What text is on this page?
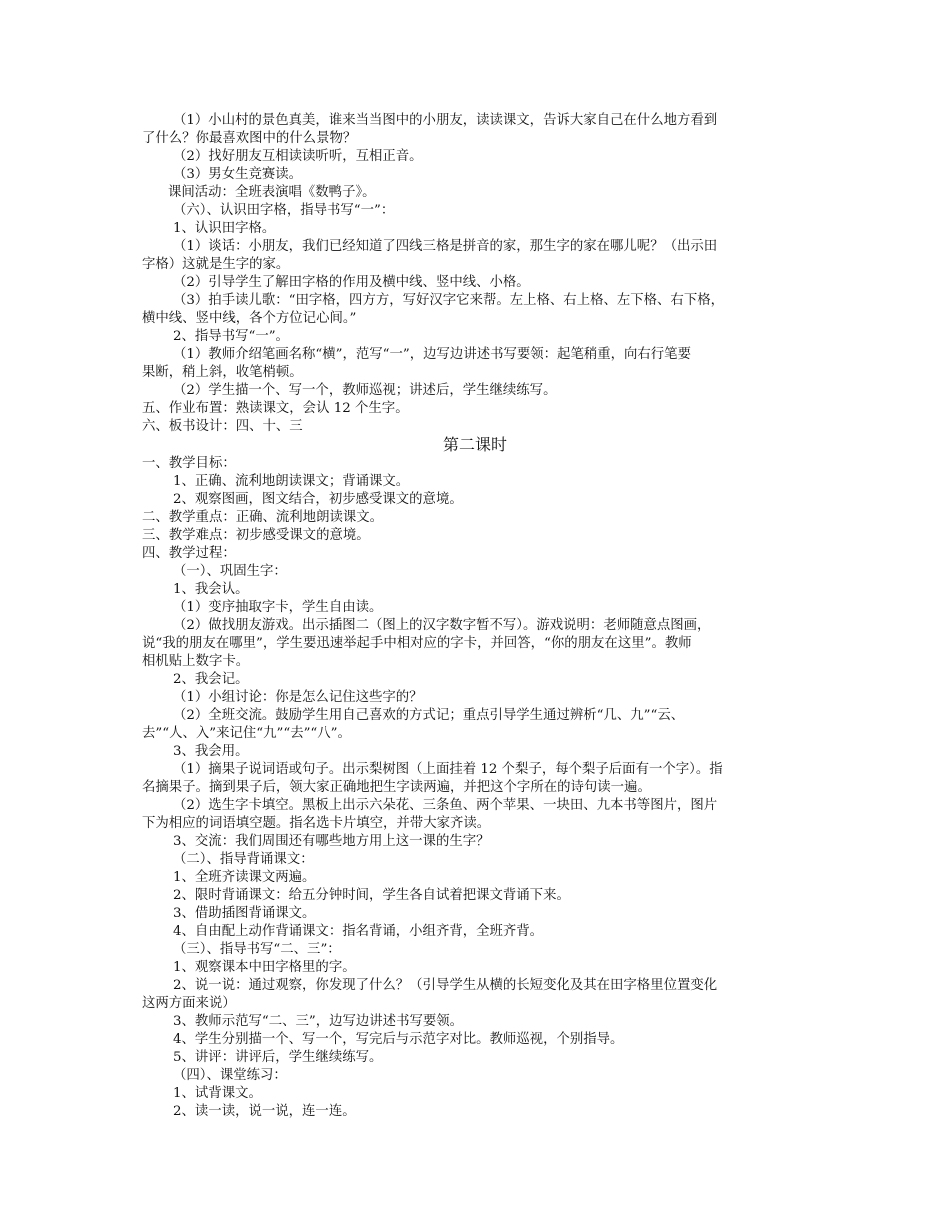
（1）小山村的景色真美，谁来当当图中的小朋友，读读课文，告诉大家自己在什么地方看到
了什么？你最喜欢图中的什么景物？
（2）找好朋友互相读读听听，互相正音。
（3）男女生竞赛读。
课间活动：全班表演唱《数鸭子》。
（六）、认识田字格，指导书写“一”：
1、认识田字格。
（1）谈话：小朋友，我们已经知道了四线三格是拼音的家，那生字的家在哪儿呢？（出示田
字格）这就是生字的家。
（2）引导学生了解田字格的作用及横中线、竖中线、小格。
（3）拍手读儿歌：“田字格，四方方，写好汉字它来帮。左上格、右上格、左下格、右下格，
横中线、竖中线，各个方位记心间。”
2、指导书写“一”。
（1）教师介绍笔画名称“横”，范写“一”，边写边讲述书写要领：起笔稍重，向右行笔要
果断，稍上斜，收笔梢顿。
（2）学生描一个、写一个，教师巡视；讲述后，学生继续练写。
五、作业布置：熟读课文，会认 12 个生字。
六、板书设计：四、十、三
第二课时
一、教学目标：
1、正确、流利地朗读课文；背诵课文。
2、观察图画，图文结合，初步感受课文的意境。
二、教学重点：正确、流利地朗读课文。
三、教学难点：初步感受课文的意境。
四、教学过程：
（一）、巩固生字：
1、我会认。
（1）变序抽取字卡，学生自由读。
（2）做找朋友游戏。出示插图二（图上的汉字数字暂不写）。游戏说明：老师随意点图画，
说“我的朋友在哪里”，学生要迅速举起手中相对应的字卡，并回答，“你的朋友在这里”。教师
相机贴上数字卡。
2、我会记。
（1）小组讨论：你是怎么记住这些字的？
（2）全班交流。鼓励学生用自己喜欢的方式记；重点引导学生通过辨析“几、九”“云、
去”“人、入”来记住“九”“去”“八”。
3、我会用。
（1）摘果子说词语或句子。出示梨树图（上面挂着 12 个梨子，每个梨子后面有一个字）。指
名摘果子。摘到果子后，领大家正确地把生字读两遍，并把这个字所在的诗句读一遍。
（2）选生字卡填空。黑板上出示六朵花、三条鱼、两个苹果、一块田、九本书等图片，图片
下为相应的词语填空题。指名选卡片填空，并带大家齐读。
3、交流：我们周围还有哪些地方用上这一课的生字？
（二）、指导背诵课文：
1、全班齐读课文两遍。
2、限时背诵课文：给五分钟时间，学生各自试着把课文背诵下来。
3、借助插图背诵课文。
4、自由配上动作背诵课文：指名背诵，小组齐背，全班齐背。
（三）、指导书写“二、三”：
1、观察课本中田字格里的字。
2、说一说：通过观察，你发现了什么？（引导学生从横的长短变化及其在田字格里位置变化
这两方面来说）
3、教师示范写“二、三”，边写边讲述书写要领。
4、学生分别描一个、写一个，写完后与示范字对比。教师巡视，个别指导。
5、讲评：讲评后，学生继续练写。
（四）、课堂练习：
1、试背课文。
2、读一读，说一说，连一连。
